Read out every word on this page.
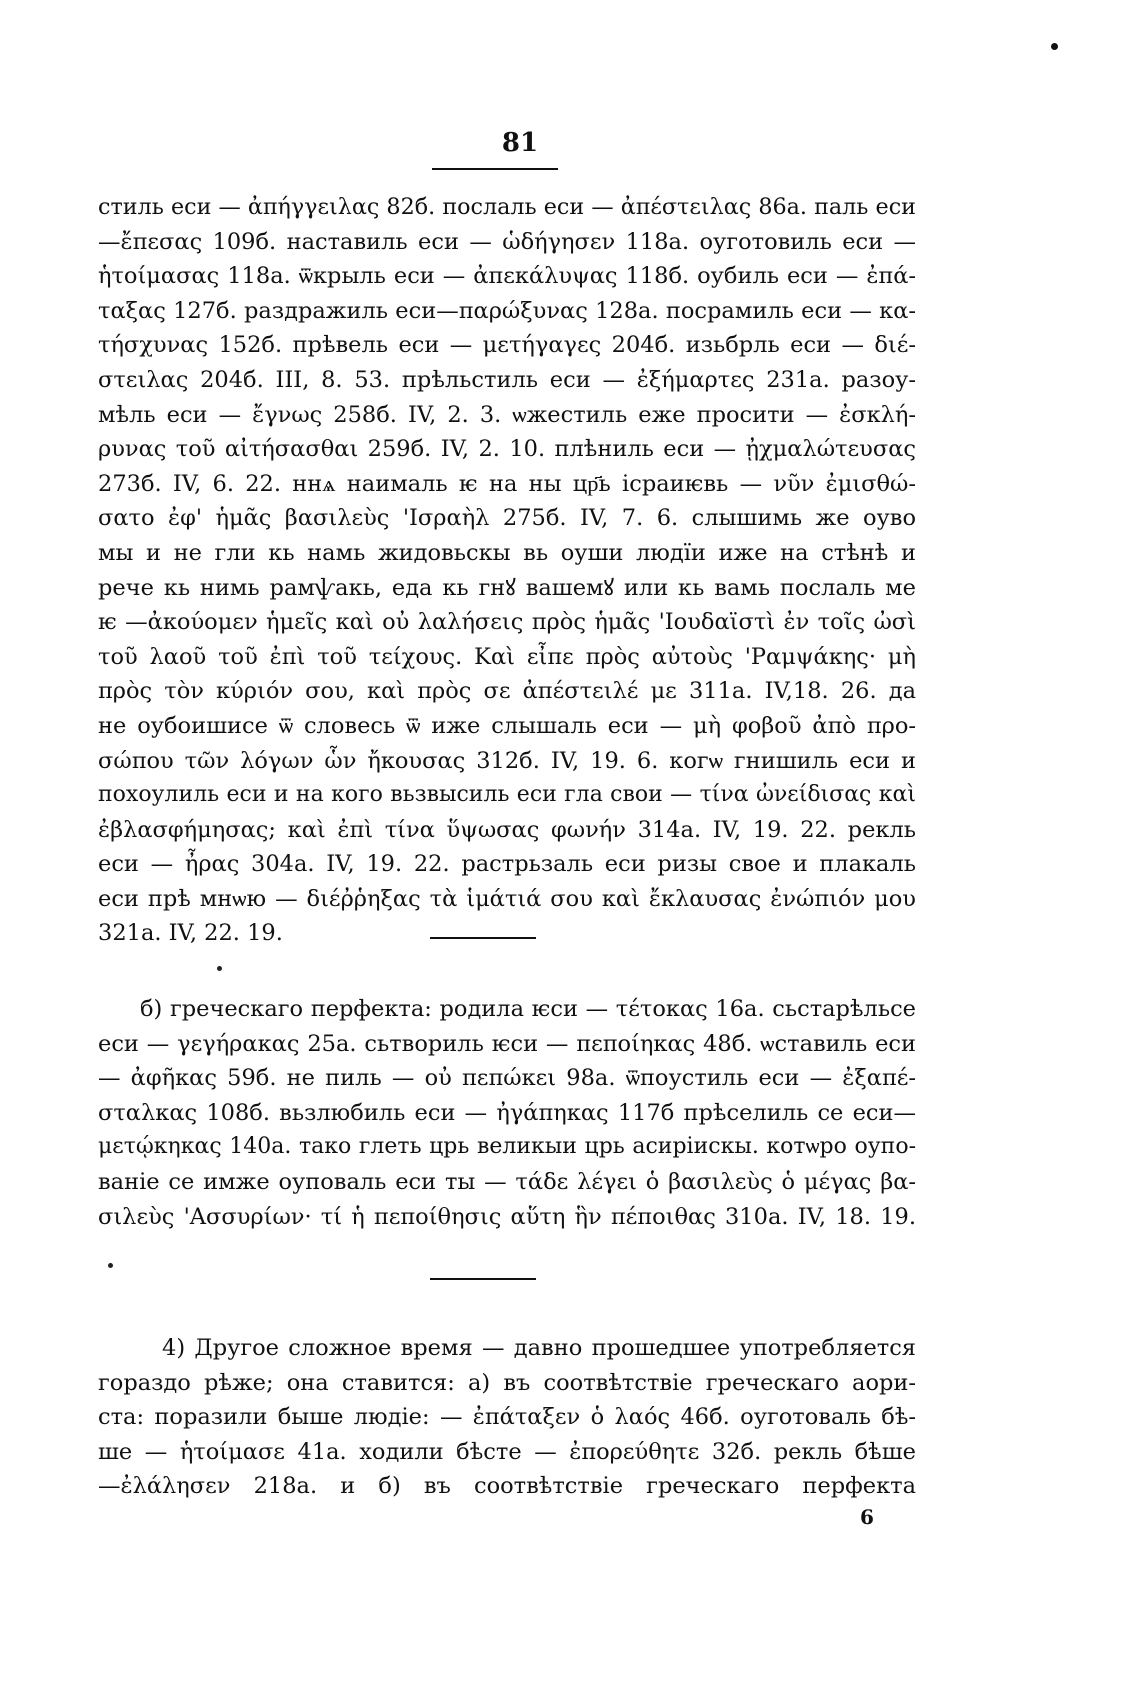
81
стиль еси — ἀπήγγειλας 82б. послаль еси — ἀπέστειλας 86а. паль еси
—ἔπεσας 109б. наставиль еси — ὡδήγησεν 118а. оуготовиль еси —
ἡτοίμασας 118а. ѿкрыль еси — ἀπεκάλυψας 118б. оубиль еси — ἐπά-
ταξας 127б. раздражиль еси—παρώξυνας 128а. посрамиль еси — κα-
τήσχυνας 152б. прѣвель еси — μετήγαγες 204б. изьбрль еси — διέ-
στειλας 204б. III, 8. 53. прѣльстиль еси — ἐξήμαρτες 231а. разоу-
мѣль еси — ἔγνως 258б. IV, 2. 3. ѡжестиль еже просити — ἐσκλή-
ρυνας τοῦ αἰτήσασθαι 259б. IV, 2. 10. плѣниль еси — ᾐχμαλώτευσας
273б. IV, 6. 22. ннѧ наималь ѥ на ны цр҃ь ісраиѥвь — νῦν ἐμισθώ-
σατο ἐφ' ἡμᾶς βασιλεὺς 'Ισραὴλ 275б. IV, 7. 6. слышимь же оуво
мы и не гли кь намь жидовьскы вь оуши людїи иже на стѣнѣ и
рече кь нимь рамѱакь, еда кь гнꙋ вашемꙋ или кь вамь послаль ме
ѥ —ἀκούομεν ἡμεῖς καὶ οὐ λαλήσεις πρὸς ἡμᾶς 'Ιουδαϊστὶ ἐν τοῖς ὠσὶ
τοῦ λαοῦ τοῦ ἐπὶ τοῦ τείχους. Καὶ εἶπε πρὸς αὐτοὺς 'Ραμψάκης· μὴ
πρὸς τὸν κύριόν σου, καὶ πρὸς σε ἀπέστειλέ με 311а. IV,18. 26. да
не оубоишисе ѿ словесь ѿ иже слышаль еси — μὴ φοβοῦ ἀπὸ προ-
σώπου τῶν λόγων ὧν ἤκουσας 312б. IV, 19. 6. когѡ гнишиль еси и
похоулиль еси и на кого вьзвысиль еси гла свои — τίνα ὠνείδισας καὶ
ἐβλασφήμησας; καὶ ἐπὶ τίνα ὕψωσας φωνήν 314а. IV, 19. 22. рекль
еси — ἦρας 304а. IV, 19. 22. растрьзаль еси ризы свое и плакаль
еси прѣ мнѡю — διέῤῥηξας τὰ ἱμάτιά σου καὶ ἔκλαυσας ἐνώπιόν μου
321а. IV, 22. 19.
б) греческаго перфекта: родила ѥси — τέτοκας 16а. сьстарѣльсе
еси — γεγήρακας 25а. сьтвориль ѥси — πεποίηκας 48б. ѡставиль еси
— ἀφῆκας 59б. не пиль — οὐ πεπώκει 98а. ѿпоустиль еси — ἐξαπέ-
σταλκας 108б. вьзлюбиль еси — ἠγάπηκας 117б прѣселиль се еси—
μετῴκηκας 140а. тако глеть црь великыи црь асиріискы. котѡро оупо-
ваніе се имже оуповаль еси ты — τάδε λέγει ὁ βασιλεὺς ὁ μέγας βα-
σιλεὺς 'Ασσυρίων· τί ἡ πεποίθησις αὕτη ἣν πέποιθας 310а. IV, 18. 19.
4) Другое сложное время — давно прошедшее употребляется
гораздо рѣже; она ставится: а) въ соотвѣтствіе греческаго аори-
ста: поразили быше людіе: — ἐπάταξεν ὁ λαός 46б. оуготоваль бѣ-
ше — ἡτοίμασε 41а. ходили бѣсте — ἐπορεύθητε 32б. рекль бѣше
—ἐλάλησεν 218а. и б) въ соотвѣтствіе греческаго перфекта
6
